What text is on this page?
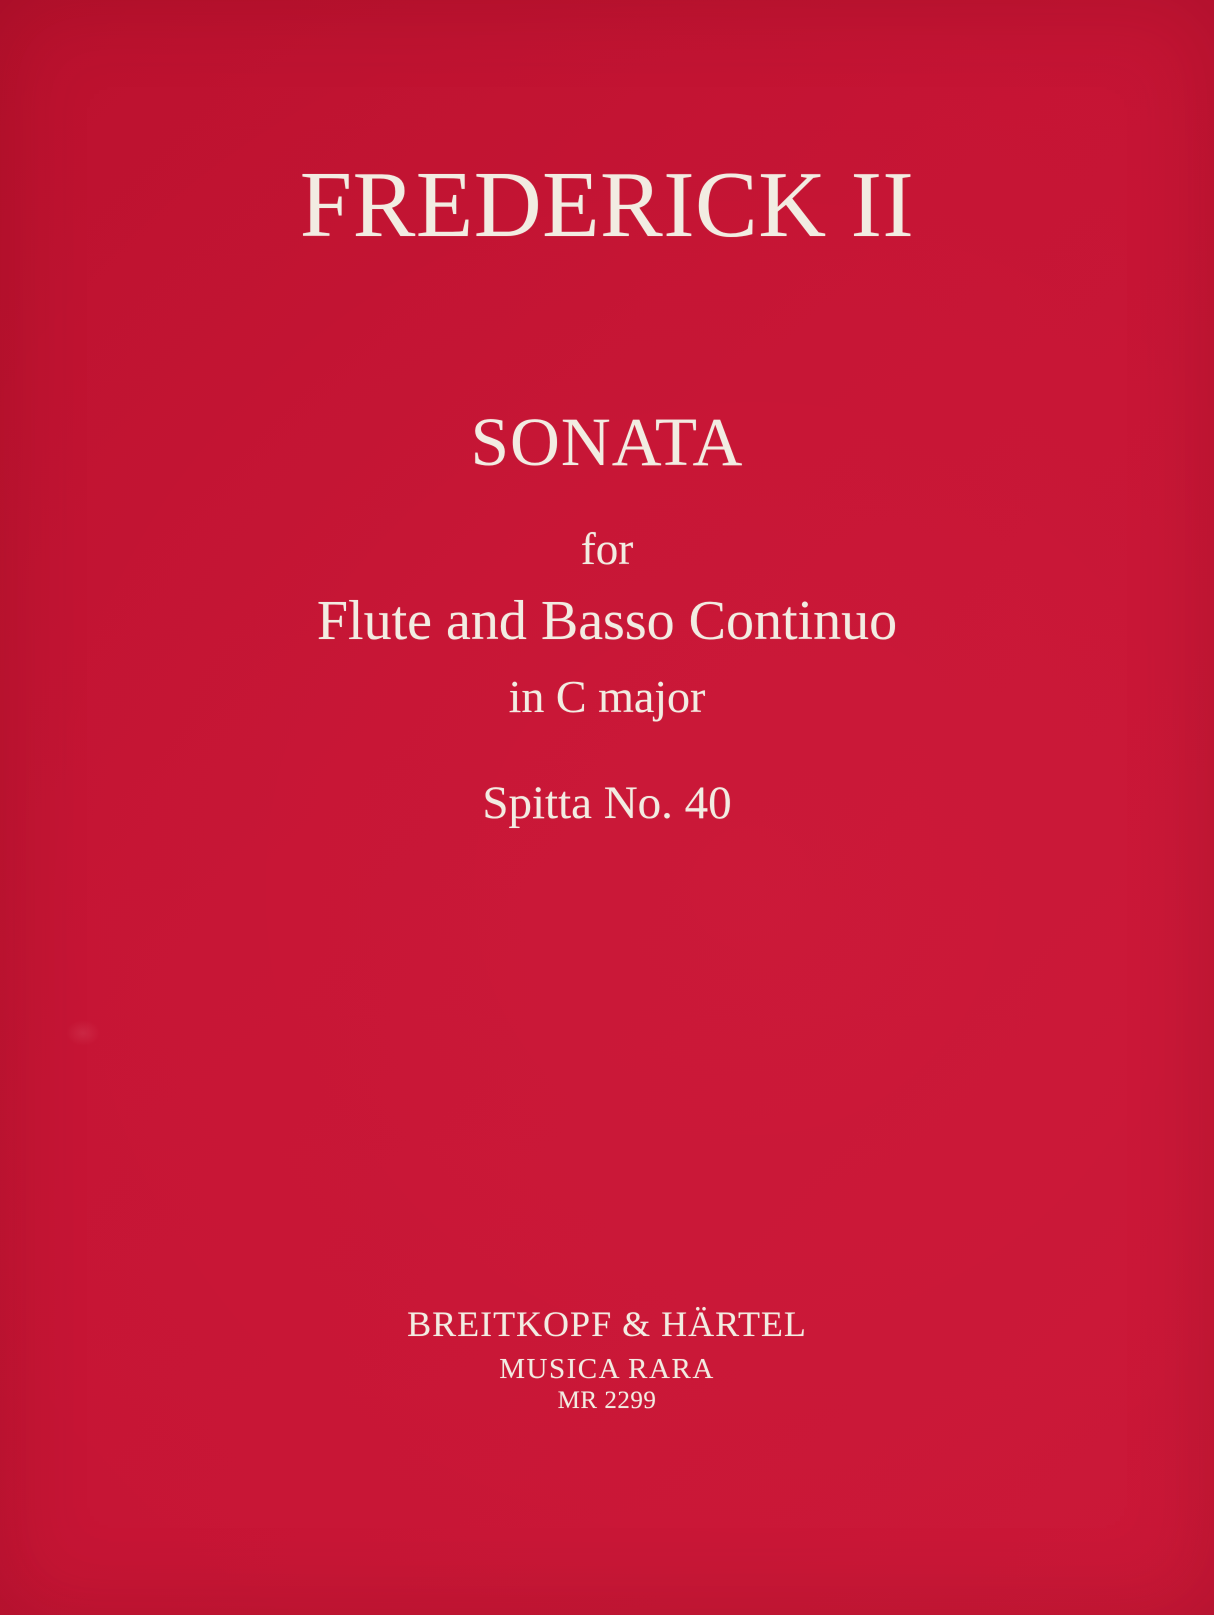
FREDERICK II
SONATA
for
Flute and Basso Continuo
in C major
Spitta No. 40
BREITKOPF & HÄRTEL
MUSICA RARA
MR 2299
